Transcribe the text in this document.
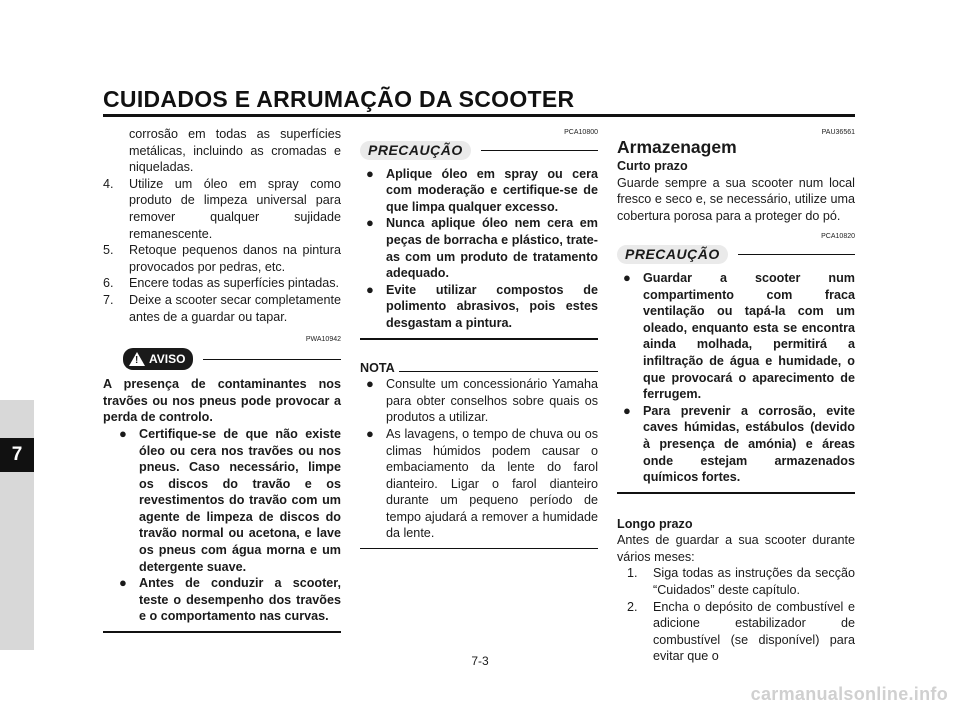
CUIDADOS E ARRUMAÇÃO DA SCOOTER
7

corrosão em todas as superfícies metálicas, incluindo as cromadas e niqueladas.

4.	Utilize um óleo em spray como produto de limpeza universal para remover qualquer sujidade remanescente.
5.	Retoque pequenos danos na pintura provocados por pedras, etc.
6.	Encere todas as superfícies pintadas.
7.	Deixe a scooter secar completamente antes de a guardar ou tapar.
PWA10942
! AVISO

A presença de contaminantes nos travões ou nos pneus pode provocar a perda de controlo.

● Certifique-se de que não existe óleo ou cera nos travões ou nos pneus. Caso necessário, limpe os discos do travão e os revestimentos do travão com um agente de limpeza de discos do travão normal ou acetona, e lave os pneus com água morna e um detergente suave.
● Antes de conduzir a scooter, teste o desempenho dos travões e o comportamento nas curvas.
PCA10800
PRECAUÇÃO
● Aplique óleo em spray ou cera com moderação e certifique-se de que limpa qualquer excesso.
● Nunca aplique óleo nem cera em peças de borracha e plástico, trate-as com um produto de tratamento adequado.
● Evite utilizar compostos de polimento abrasivos, pois estes desgastam a pintura.
NOTA
● Consulte um concessionário Yamaha para obter conselhos sobre quais os produtos a utilizar.
● As lavagens, o tempo de chuva ou os climas húmidos podem causar o embaciamento da lente do farol dianteiro. Ligar o farol dianteiro durante um pequeno período de tempo ajudará a remover a humidade da lente.
PAU36561

Armazenagem

Curto prazo

Guarde sempre a sua scooter num local fresco e seco e, se necessário, utilize uma cobertura porosa para a proteger do pó.

PCA10820
PRECAUÇÃO
● Guardar a scooter num compartimento com fraca ventilação ou tapá-la com um oleado, enquanto esta se encontra ainda molhada, permitirá a infiltração de água e humidade, o que provocará o aparecimento de ferrugem.
● Para prevenir a corrosão, evite caves húmidas, estábulos (devido à presença de amónia) e áreas onde estejam armazenados químicos fortes.

Longo prazo

Antes de guardar a sua scooter durante vários meses:

1.	Siga todas as instruções da secção “Cuidados” deste capítulo.
2.	Encha o depósito de combustível e adicione estabilizador de combustível (se disponível) para evitar que o
7-3
carmanualsonline.info
